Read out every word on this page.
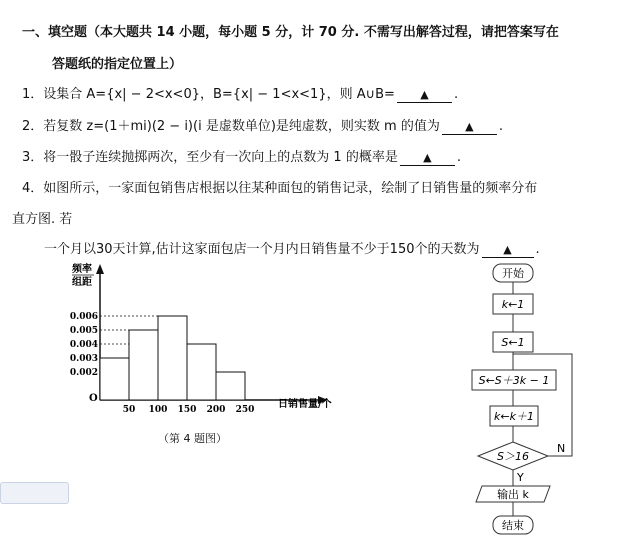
一、填空题（本大题共 14 小题，每小题 5 分，计 70 分. 不需写出解答过程，请把答案写在
答题纸的指定位置上）
1．设集合 A={x| − 2<x<0}，B={x| − 1<x<1}，则 A∪B= ▲ .
2．若复数 z=(1＋mi)(2 − i)(i 是虚数单位)是纯虚数，则实数 m 的值为 ▲ .
3．将一骰子连续抛掷两次，至少有一次向上的点数为 1 的概率是 ▲ .
4．如图所示，一家面包销售店根据以往某种面包的销售记录，绘制了日销售量的频率分布
直方图. 若
一个月以30天计算,估计这家面包店一个月内日销售量不少于150个的天数为 ▲ .
频率
组距
日销售量/个
O
50 100 150 200 250
0.006
0.005
0.004
0.003
0.002
（第 4 题图）
开始
k←1
S←1
S←S＋3k − 1
k←k＋1
S＞16
N
Y
输出 k
结束
